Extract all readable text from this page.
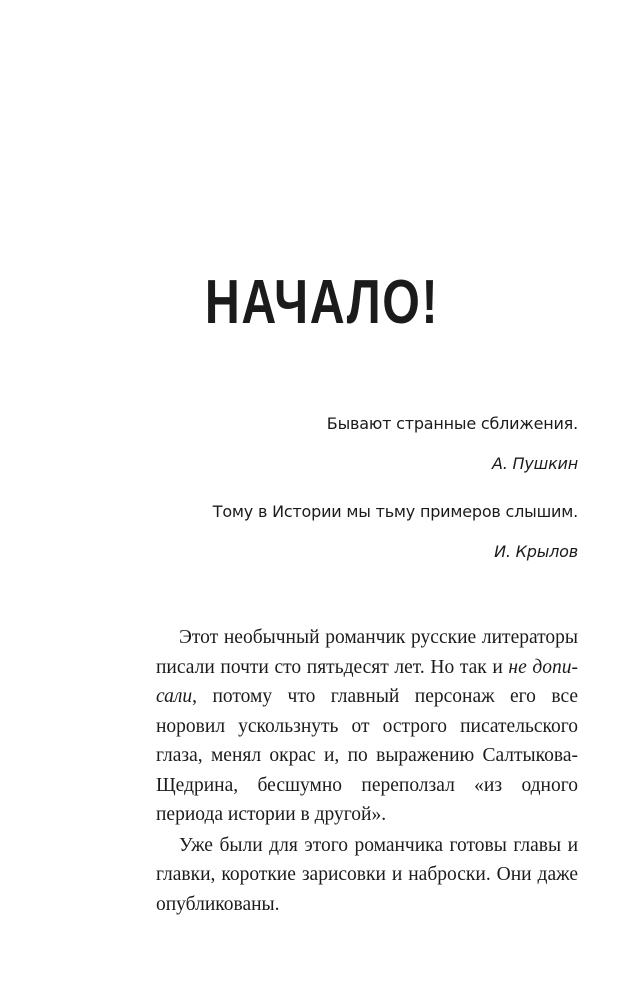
НАЧАЛО!
Бывают странные сближения.
А. Пушкин
Тому в Истории мы тьму примеров слышим.
И. Крылов

Этот необычный романчик русские литераторы писали почти сто пятьдесят лет. Но так и не дописали, потому что главный персонаж его все норовил ускользнуть от острого писательского глаза, менял окрас и, по выражению Салтыкова-Щедрина, бесшумно переползал «из одного периода истории в другой».

Уже были для этого романчика готовы главы и главки, короткие зарисовки и наброски. Они даже опубликованы.
